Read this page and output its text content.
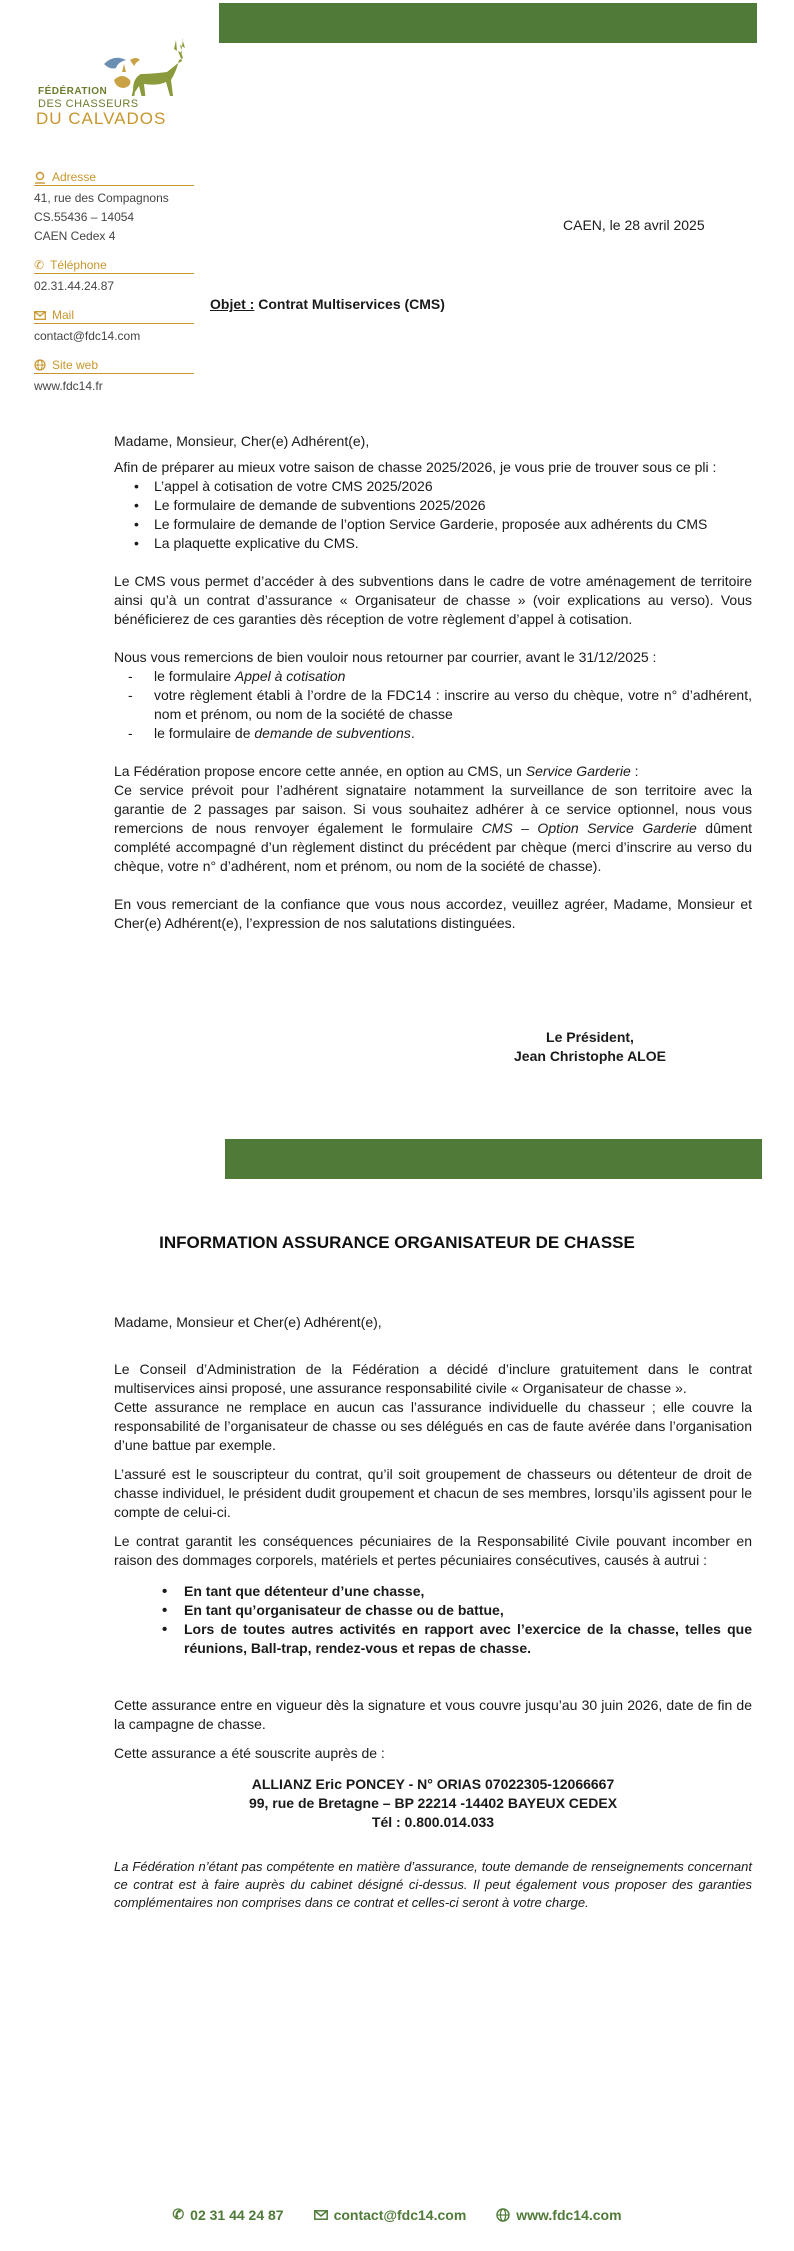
FÉDÉRATION
DES CHASSEURS
DU CALVADOS
Adresse
41, rue des Compagnons
CS.55436 – 14054
CAEN Cedex 4
✆ Téléphone
02.31.44.24.87
Mail
contact@fdc14.com
Site web
www.fdc14.fr
CAEN, le 28 avril 2025
Objet : Contrat Multiservices (CMS)
Madame, Monsieur, Cher(e) Adhérent(e),
Afin de préparer au mieux votre saison de chasse 2025/2026, je vous prie de trouver sous ce pli :
• L’appel à cotisation de votre CMS 2025/2026
• Le formulaire de demande de subventions 2025/2026
• Le formulaire de demande de l’option Service Garderie, proposée aux adhérents du CMS
• La plaquette explicative du CMS.
Le CMS vous permet d’accéder à des subventions dans le cadre de votre aménagement de territoire ainsi qu’à un contrat d’assurance « Organisateur de chasse » (voir explications au verso). Vous bénéficierez de ces garanties dès réception de votre règlement d’appel à cotisation.
Nous vous remercions de bien vouloir nous retourner par courrier, avant le 31/12/2025 :
- le formulaire Appel à cotisation
- votre règlement établi à l’ordre de la FDC14 : inscrire au verso du chèque, votre n° d’adhérent, nom et prénom, ou nom de la société de chasse
- le formulaire de demande de subventions.
La Fédération propose encore cette année, en option au CMS, un Service Garderie :
Ce service prévoit pour l’adhérent signataire notamment la surveillance de son territoire avec la garantie de 2 passages par saison. Si vous souhaitez adhérer à ce service optionnel, nous vous remercions de nous renvoyer également le formulaire CMS – Option Service Garderie dûment complété accompagné d’un règlement distinct du précédent par chèque (merci d’inscrire au verso du chèque, votre n° d’adhérent, nom et prénom, ou nom de la société de chasse).
En vous remerciant de la confiance que vous nous accordez, veuillez agréer, Madame, Monsieur et Cher(e) Adhérent(e), l’expression de nos salutations distinguées.
Le Président,
Jean Christophe ALOE
INFORMATION ASSURANCE ORGANISATEUR DE CHASSE
Madame, Monsieur et Cher(e) Adhérent(e),
Le Conseil d’Administration de la Fédération a décidé d’inclure gratuitement dans le contrat multiservices ainsi proposé, une assurance responsabilité civile « Organisateur de chasse ».
Cette assurance ne remplace en aucun cas l’assurance individuelle du chasseur ; elle couvre la responsabilité de l’organisateur de chasse ou ses délégués en cas de faute avérée dans l’organisation d’une battue par exemple.
L’assuré est le souscripteur du contrat, qu’il soit groupement de chasseurs ou détenteur de droit de chasse individuel, le président dudit groupement et chacun de ses membres, lorsqu’ils agissent pour le compte de celui-ci.
Le contrat garantit les conséquences pécuniaires de la Responsabilité Civile pouvant incomber en raison des dommages corporels, matériels et pertes pécuniaires consécutives, causés à autrui :
• En tant que détenteur d’une chasse,
• En tant qu’organisateur de chasse ou de battue,
• Lors de toutes autres activités en rapport avec l’exercice de la chasse, telles que réunions, Ball-trap, rendez-vous et repas de chasse.
Cette assurance entre en vigueur dès la signature et vous couvre jusqu’au 30 juin 2026, date de fin de la campagne de chasse.
Cette assurance a été souscrite auprès de :
ALLIANZ Eric PONCEY - N° ORIAS 07022305-12066667
99, rue de Bretagne – BP 22214 -14402 BAYEUX CEDEX
Tél : 0.800.014.033
La Fédération n’étant pas compétente en matière d’assurance, toute demande de renseignements concernant ce contrat est à faire auprès du cabinet désigné ci-dessus. Il peut également vous proposer des garanties complémentaires non comprises dans ce contrat et celles-ci seront à votre charge.
✆ 02 31 44 24 87	contact@fdc14.com	www.fdc14.com
